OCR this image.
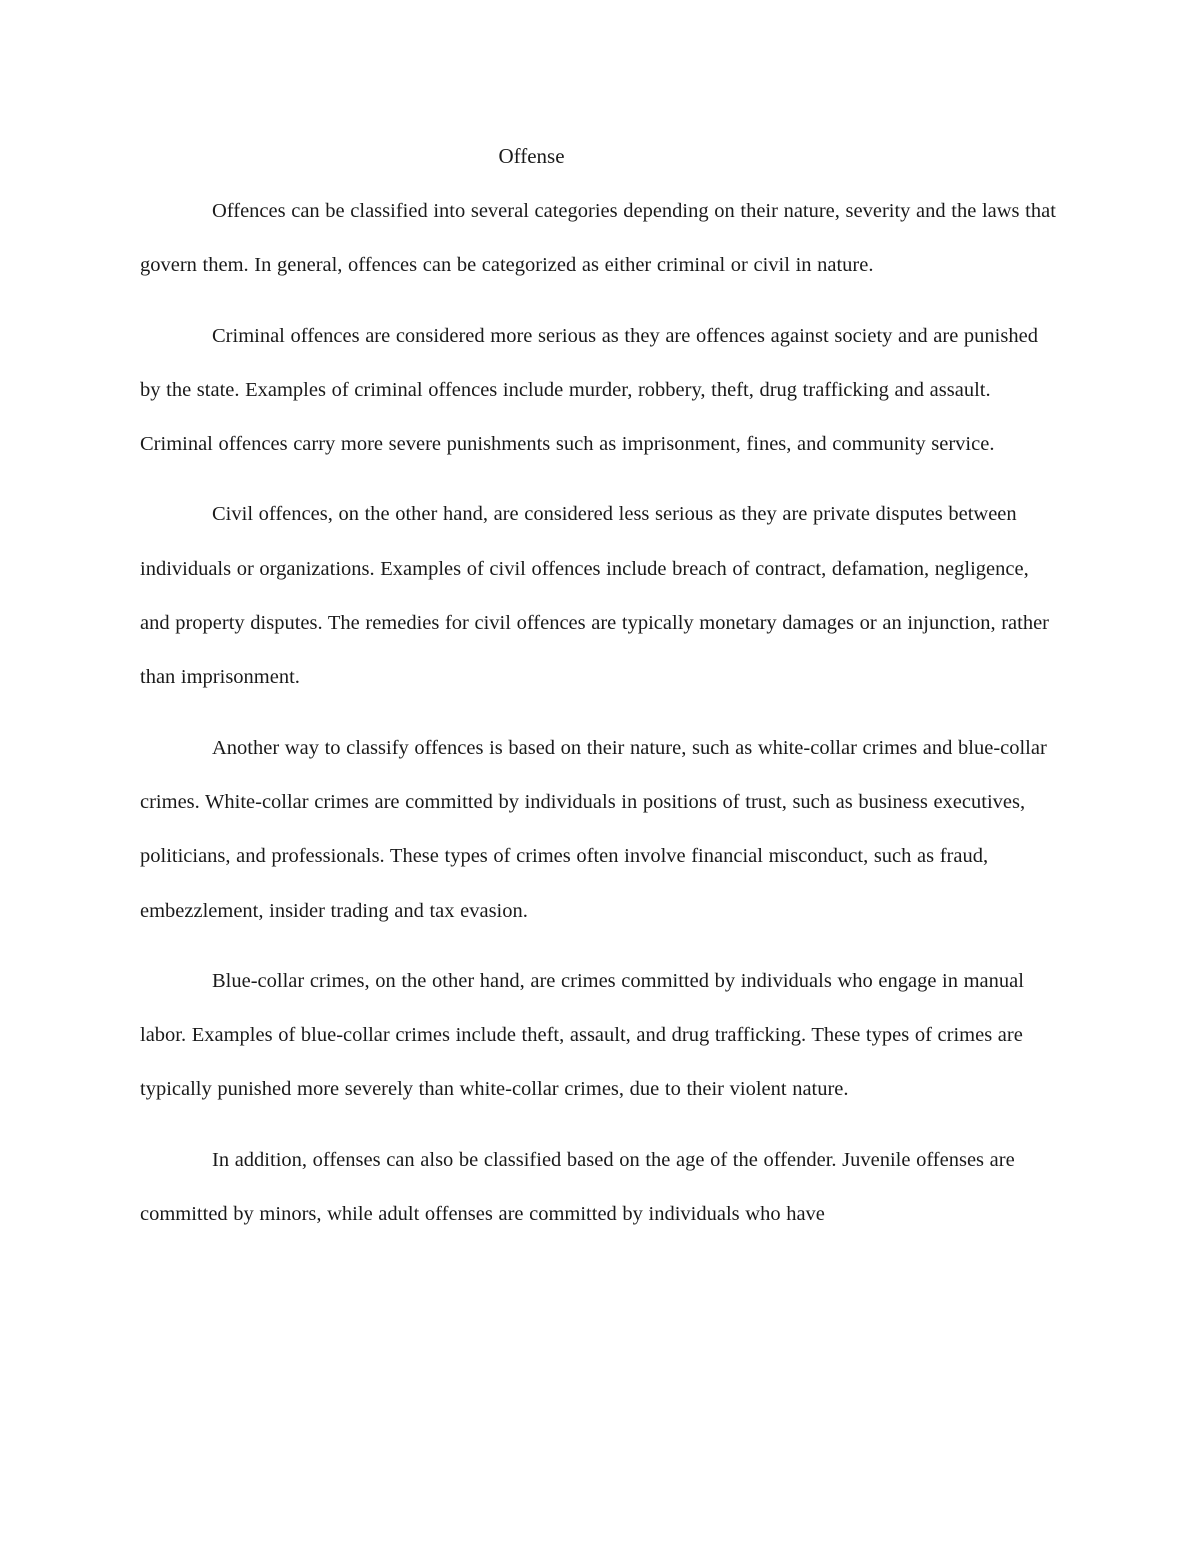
Offense

Offences can be classified into several categories depending on their nature, severity and the laws that govern them. In general, offences can be categorized as either criminal or civil in nature.

Criminal offences are considered more serious as they are offences against society and are punished by the state. Examples of criminal offences include murder, robbery, theft, drug trafficking and assault. Criminal offences carry more severe punishments such as imprisonment, fines, and community service.

Civil offences, on the other hand, are considered less serious as they are private disputes between individuals or organizations. Examples of civil offences include breach of contract, defamation, negligence, and property disputes. The remedies for civil offences are typically monetary damages or an injunction, rather than imprisonment.

Another way to classify offences is based on their nature, such as white-collar crimes and blue-collar crimes. White-collar crimes are committed by individuals in positions of trust, such as business executives, politicians, and professionals. These types of crimes often involve financial misconduct, such as fraud, embezzlement, insider trading and tax evasion.

Blue-collar crimes, on the other hand, are crimes committed by individuals who engage in manual labor. Examples of blue-collar crimes include theft, assault, and drug trafficking. These types of crimes are typically punished more severely than white-collar crimes, due to their violent nature.

In addition, offenses can also be classified based on the age of the offender. Juvenile offenses are committed by minors, while adult offenses are committed by individuals who have
